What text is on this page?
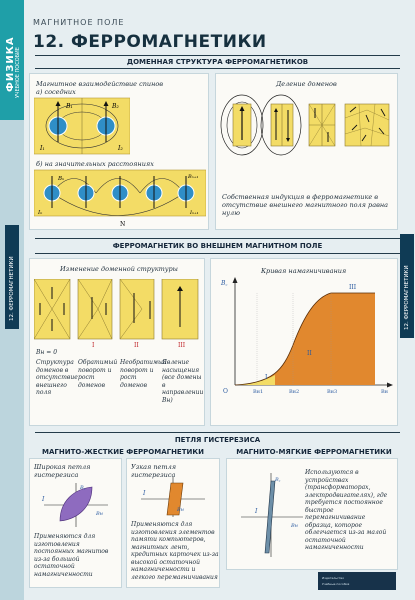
ФИЗИКА УЧЕБНОЕ ПОСОБИЕ
12. ФЕРРОМАГНЕТИКИ	12. ФЕРРОМАГНЕТИКИ
МАГНИТНОЕ ПОЛЕ
12. ФЕРРОМАГНЕТИКИ
ДОМЕННАЯ СТРУКТУРА ФЕРРОМАГНЕТИКОВ
Магнитное взаимодействие спинов
а) соседних
B₁	B₂
I₁	I₂
б) на значительных расстояниях
Bₙ	Bₙ₊₁
Iₙ	Iₙ₊₁
N
Деление доменов
Собственная индукция в ферромагнетике в отсутствие внешнего магнитного поля равна нулю
ФЕРРОМАГНЕТИК ВО ВНЕШНЕМ МАГНИТНОМ ПОЛЕ
Изменение доменной структуры
I	II	III
Bн = 0
Структура доменов в отсутствие внешнего поля
Обратимый поворот и рост доменов
Необратимый поворот и рост доменов
Явление насыщения (все домены в направлении Bн)
Кривая намагничивания
I
II
III
B꜀
O	Bн1	Bн2	Bн3	Bн
ПЕТЛЯ ГИСТЕРЕЗИСА
МАГНИТО-ЖЕСТКИЕ ФЕРРОМАГНЕТИКИ	МАГНИТО-МЯГКИЕ ФЕРРОМАГНЕТИКИ
Широкая петля гистерезиса
I
B꜀
Bн
Применяются для изготовления постоянных магнитов из-за большой остаточной намагниченности
Узкая петля гистерезиса
I
Bн
Применяются для изготовления элементов памяти компьютеров, магнитных лент, кредитных карточек из-за высокой остаточной намагниченности и легкого перемагничивания
I
B꜀
Bн
Используются в устройствах (трансформаторах, электродвигателях), где требуется постоянное быстрое перемагничивание образца, которое облегчается из-за малой остаточной намагниченности
Издательство
Учебные пособия
